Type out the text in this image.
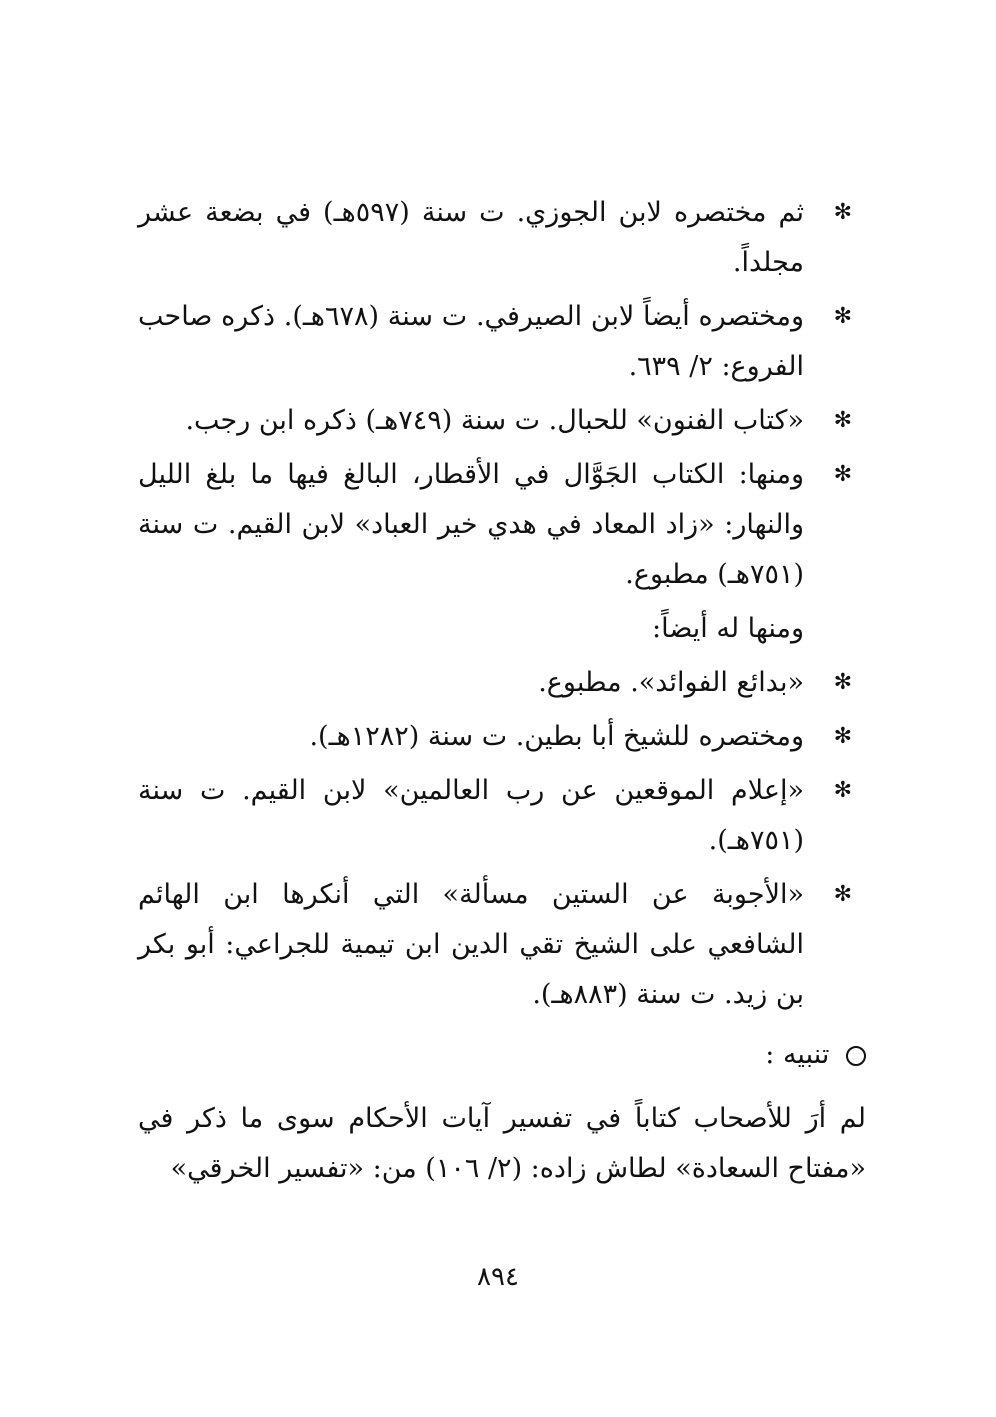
✻
ثم مختصره لابن الجوزي. ت سنة (٥٩٧هـ) في بضعة عشر مجلداً.
✻
ومختصره أيضاً لابن الصيرفي. ت سنة (٦٧٨هـ). ذكره صاحب الفروع: ٢/ ٦٣٩.
✻
«كتاب الفنون» للحبال. ت سنة (٧٤٩هـ) ذكره ابن رجب.
✻
ومنها: الكتاب الجَوَّال في الأقطار، البالغ فيها ما بلغ الليل والنهار: «زاد المعاد في هدي خير العباد» لابن القيم. ت سنة (٧٥١هـ) مطبوع.
ومنها له أيضاً:
✻
«بدائع الفوائد». مطبوع.
✻
ومختصره للشيخ أبا بطين. ت سنة (١٢٨٢هـ).
✻
«إعلام الموقعين عن رب العالمين» لابن القيم. ت سنة (٧٥١هـ).
✻
«الأجوبة عن الستين مسألة» التي أنكرها ابن الهائم الشافعي على الشيخ تقي الدين ابن تيمية للجراعي: أبو بكر بن زيد. ت سنة (٨٨٣هـ).
تنبيه :
لم أرَ للأصحاب كتاباً في تفسير آيات الأحكام سوى ما ذكر في «مفتاح السعادة» لطاش زاده: (٢/ ١٠٦) من: «تفسير الخرقي»
٨٩٤
